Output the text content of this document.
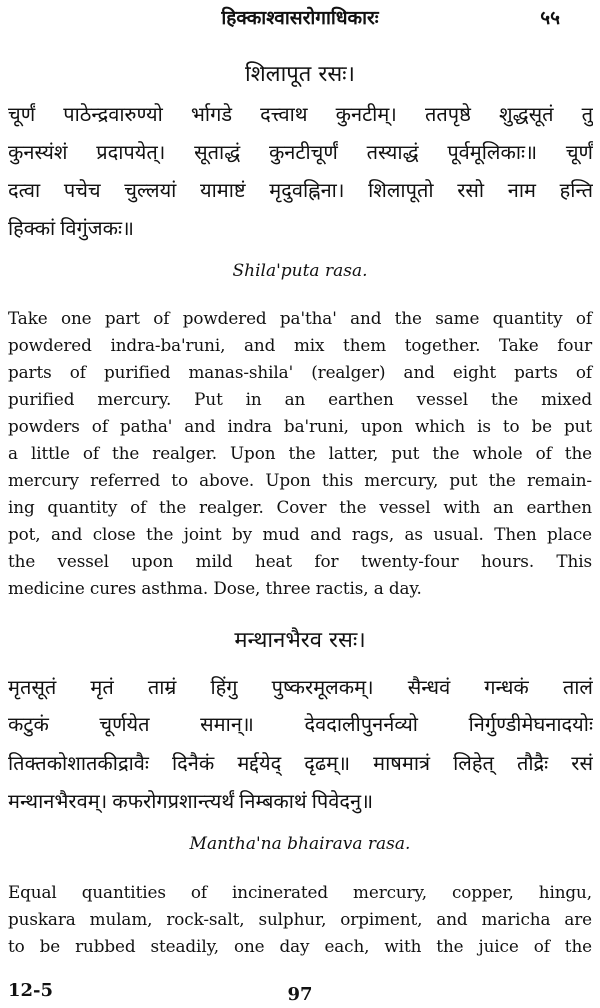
हिक्काश्वासरोगाधिकारः	५५
शिलापूत रसः।
चूर्णं पाठेन्द्रवारुण्यो र्भागडे दत्त्वाथ कुनटीम्। ततपृष्ठे शुद्धसूतं तु
कुनस्यंशं प्रदापयेत्। सूताद्धं कुनटीचूर्णं तस्याद्धं पूर्वमूलिकाः॥ चूर्णं
दत्वा पचेच चुल्लयां यामाष्टं मृदुवह्निना। शिलापूतो रसो नाम हन्ति
हिक्कां विगुंजकः॥
Shila'puta rasa.
Take one part of powdered pa'tha' and the same quantity of
powdered indra-ba'runi, and mix them together. Take four
parts of purified manas-shila' (realger) and eight parts of
purified mercury. Put in an earthen vessel the mixed
powders of patha' and indra ba'runi, upon which is to be put
a little of the realger. Upon the latter, put the whole of the
mercury referred to above. Upon this mercury, put the remain-
ing quantity of the realger. Cover the vessel with an earthen
pot, and close the joint by mud and rags, as usual. Then place
the vessel upon mild heat for twenty-four hours. This
medicine cures asthma. Dose, three ractis, a day.
मन्थानभैरव रसः।
मृतसूतं मृतं ताम्रं हिंगु पुष्करमूलकम्। सैन्धवं गन्धकं तालं
कटुकं चूर्णयेत समान्॥ देवदालीपुनर्नव्यो निर्गुण्डीमेघनादयोः
तिक्तकोशातकीद्रावैः दिनैकं मर्द्दयेद् दृढम्॥ माषमात्रं लिहेत् तौद्रैः रसं
मन्थानभैरवम्। कफरोगप्रशान्त्यर्थं निम्बकाथं पिवेदनु॥
Mantha'na bhairava rasa.
Equal quantities of incinerated mercury, copper, hingu,
puskara mulam, rock-salt, sulphur, orpiment, and maricha are
to be rubbed steadily, one day each, with the juice of the
12-5	97
